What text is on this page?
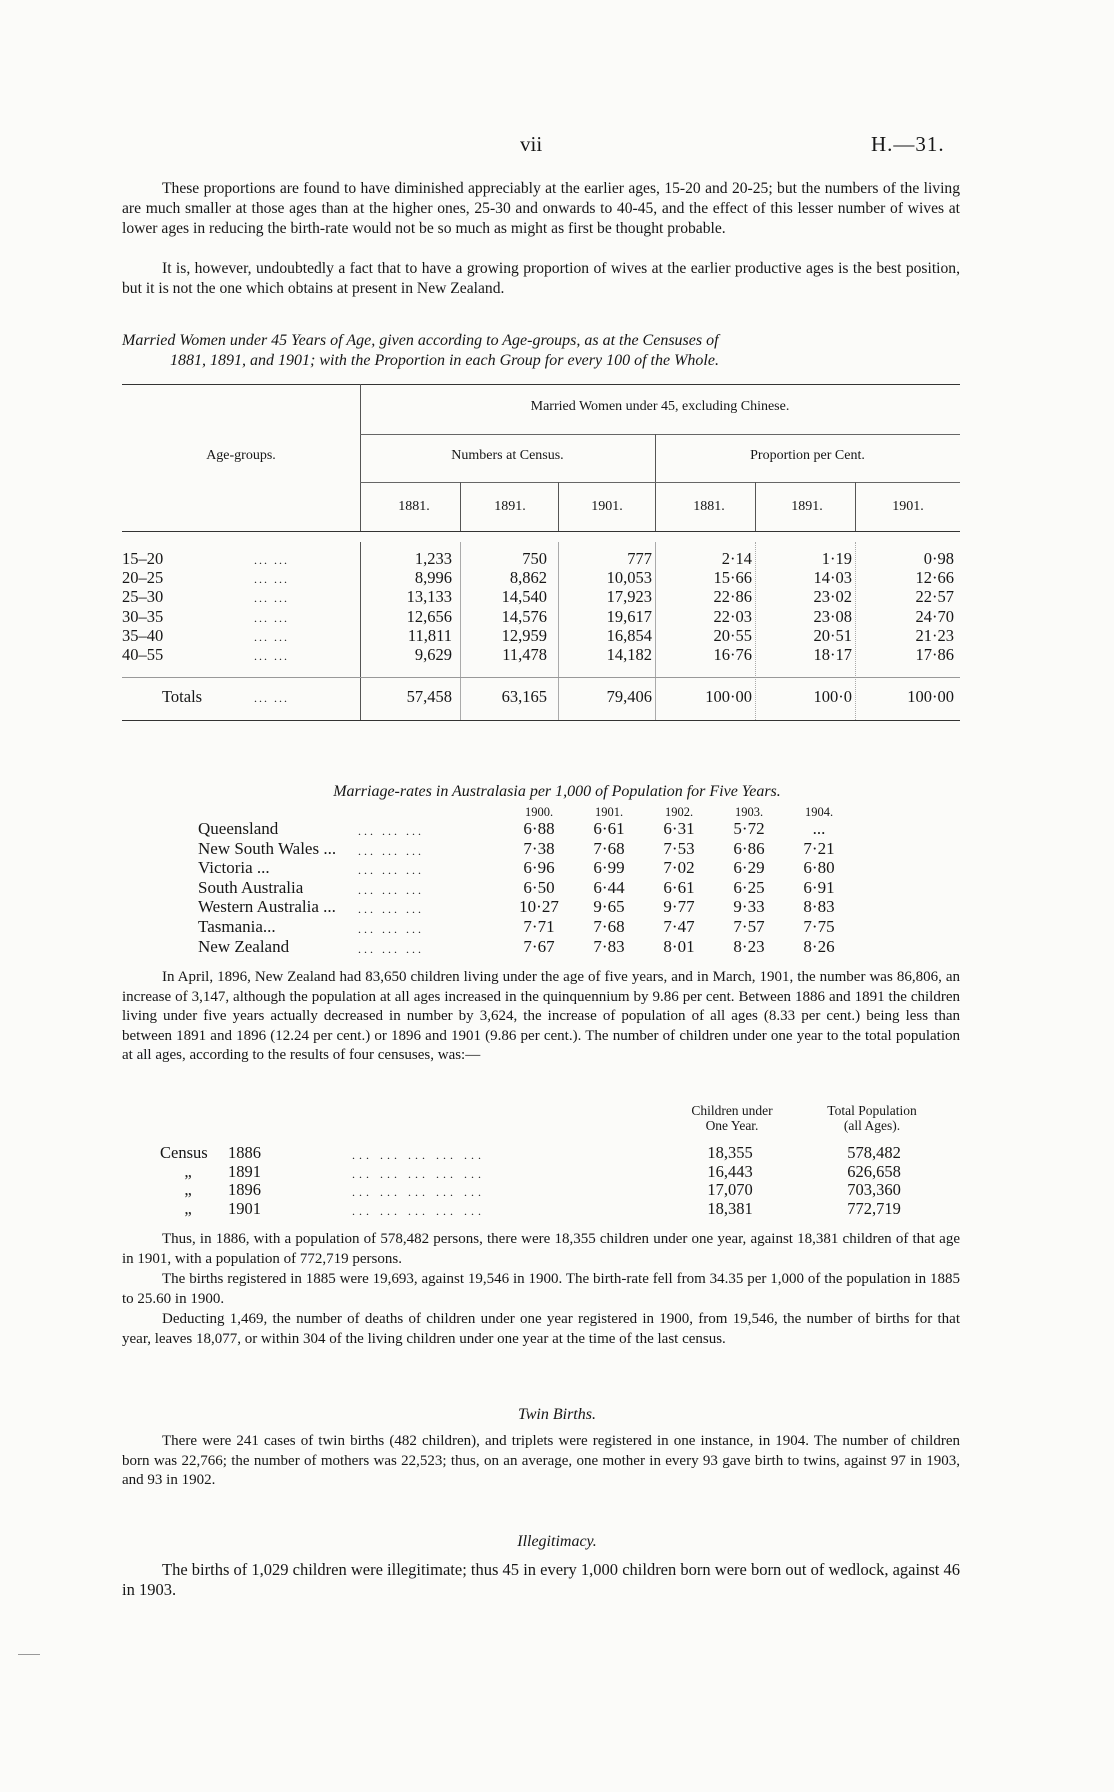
vii	H.—31.

These proportions are found to have diminished appreciably at the earlier ages, 15-20 and 20-25; but the numbers of the living are much smaller at those ages than at the higher ones, 25-30 and onwards to 40-45, and the effect of this lesser number of wives at lower ages in reducing the birth-rate would not be so much as might as first be thought probable.

It is, however, undoubtedly a fact that to have a growing proportion of wives at the earlier productive ages is the best position, but it is not the one which obtains at present in New Zealand.

Married Women under 45 Years of Age, given according to Age-groups, as at the Censuses of
1881, 1891, and 1901; with the Proportion in each Group for every 100 of the Whole.

Married Women under 45, excluding Chinese.
Age-groups.	Numbers at Census.	Proportion per Cent.
1881.	1891.	1901.	1881.	1891.	1901.
15–20	... ...	1,233	750	777	2·14	1·19	0·98
20–25	... ...	8,996	8,862	10,053	15·66	14·03	12·66
25–30	... ...	13,133	14,540	17,923	22·86	23·02	22·57
30–35	... ...	12,656	14,576	19,617	22·03	23·08	24·70
35–40	... ...	11,811	12,959	16,854	20·55	20·51	21·23
40–55	... ...	9,629	11,478	14,182	16·76	18·17	17·86
Totals	... ...	57,458	63,165	79,406	100·00	100·0	100·00

Marriage-rates in Australasia per 1,000 of Population for Five Years.

1900.	1901.	1902.	1903.	1904.
Queensland	... ... ...	6·88	6·61	6·31	5·72	...
New South Wales ... ... ... ...	7·38	7·68	7·53	6·86	7·21
Victoria ...	... ... ...	6·96	6·99	7·02	6·29	6·80
South Australia	... ... ...	6·50	6·44	6·61	6·25	6·91
Western Australia ... ... ... ...	10·27	9·65	9·77	9·33	8·83
Tasmania...	... ... ...	7·71	7·68	7·47	7·57	7·75
New Zealand	... ... ...	7·67	7·83	8·01	8·23	8·26

In April, 1896, New Zealand had 83,650 children living under the age of five years, and in March, 1901, the number was 86,806, an increase of 3,147, although the population at all ages increased in the quinquennium by 9.86 per cent. Between 1886 and 1891 the children living under five years actually decreased in number by 3,624, the increase of population of all ages (8.33 per cent.) being less than between 1891 and 1896 (12.24 per cent.) or 1896 and 1901 (9.86 per cent.). The number of children under one year to the total population at all ages, according to the results of four censuses, was:—

Children under
One Year.
Total Population
(all Ages).
Census	1886	... ... ... ... ...	18,355	578,482
„	1891	... ... ... ... ...	16,443	626,658
„	1896	... ... ... ... ...	17,070	703,360
„	1901	... ... ... ... ...	18,381	772,719

Thus, in 1886, with a population of 578,482 persons, there were 18,355 children under one year, against 18,381 children of that age in 1901, with a population of 772,719 persons.

The births registered in 1885 were 19,693, against 19,546 in 1900. The birth-rate fell from 34.35 per 1,000 of the population in 1885 to 25.60 in 1900.

Deducting 1,469, the number of deaths of children under one year registered in 1900, from 19,546, the number of births for that year, leaves 18,077, or within 304 of the living children under one year at the time of the last census.

Twin Births.

There were 241 cases of twin births (482 children), and triplets were registered in one instance, in 1904. The number of children born was 22,766; the number of mothers was 22,523; thus, on an average, one mother in every 93 gave birth to twins, against 97 in 1903, and 93 in 1902.

Illegitimacy.

The births of 1,029 children were illegitimate; thus 45 in every 1,000 children born were born out of wedlock, against 46 in 1903.
